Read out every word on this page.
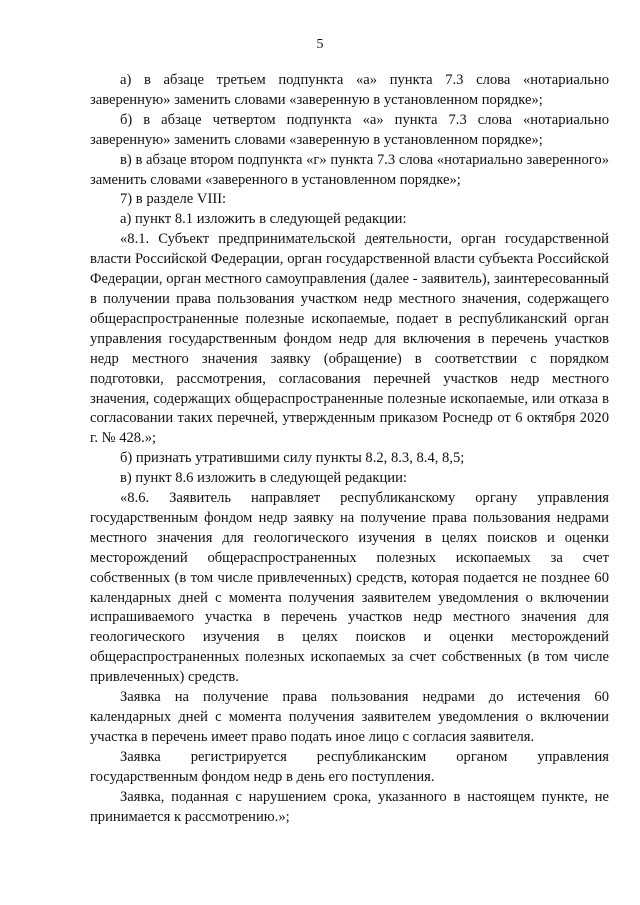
5

а) в абзаце третьем подпункта «а» пункта 7.3 слова «нотариально заверенную» заменить словами «заверенную в установленном порядке»;

б) в абзаце четвертом подпункта «а» пункта 7.3 слова «нотариально заверенную» заменить словами «заверенную в установленном порядке»;

в) в абзаце втором подпункта «г» пункта 7.3 слова «нотариально заверенного» заменить словами «заверенного в установленном порядке»;

7) в разделе VIII:

а) пункт 8.1 изложить в следующей редакции:

«8.1. Субъект предпринимательской деятельности, орган государственной власти Российской Федерации, орган государственной власти субъекта Российской Федерации, орган местного самоуправления (далее - заявитель), заинтересованный в получении права пользования участком недр местного значения, содержащего общераспространенные полезные ископаемые, подает в республиканский орган управления государственным фондом недр для включения в перечень участков недр местного значения заявку (обращение) в соответствии с порядком подготовки, рассмотрения, согласования перечней участков недр местного значения, содержащих общераспространенные полезные ископаемые, или отказа в согласовании таких перечней, утвержденным приказом Роснедр от 6 октября 2020 г. № 428.»;

б) признать утратившими силу пункты 8.2, 8.3, 8.4, 8,5;

в) пункт 8.6 изложить в следующей редакции:

«8.6. Заявитель направляет республиканскому органу управления государственным фондом недр заявку на получение права пользования недрами местного значения для геологического изучения в целях поисков и оценки месторождений общераспространенных полезных ископаемых за счет собственных (в том числе привлеченных) средств, которая подается не позднее 60 календарных дней с момента получения заявителем уведомления о включении испрашиваемого участка в перечень участков недр местного значения для геологического изучения в целях поисков и оценки месторождений общераспространенных полезных ископаемых за счет собственных (в том числе привлеченных) средств.

Заявка на получение права пользования недрами до истечения 60 календарных дней с момента получения заявителем уведомления о включении участка в перечень имеет право подать иное лицо с согласия заявителя.

Заявка регистрируется республиканским органом управления государственным фондом недр в день его поступления.

Заявка, поданная с нарушением срока, указанного в настоящем пункте, не принимается к рассмотрению.»;
